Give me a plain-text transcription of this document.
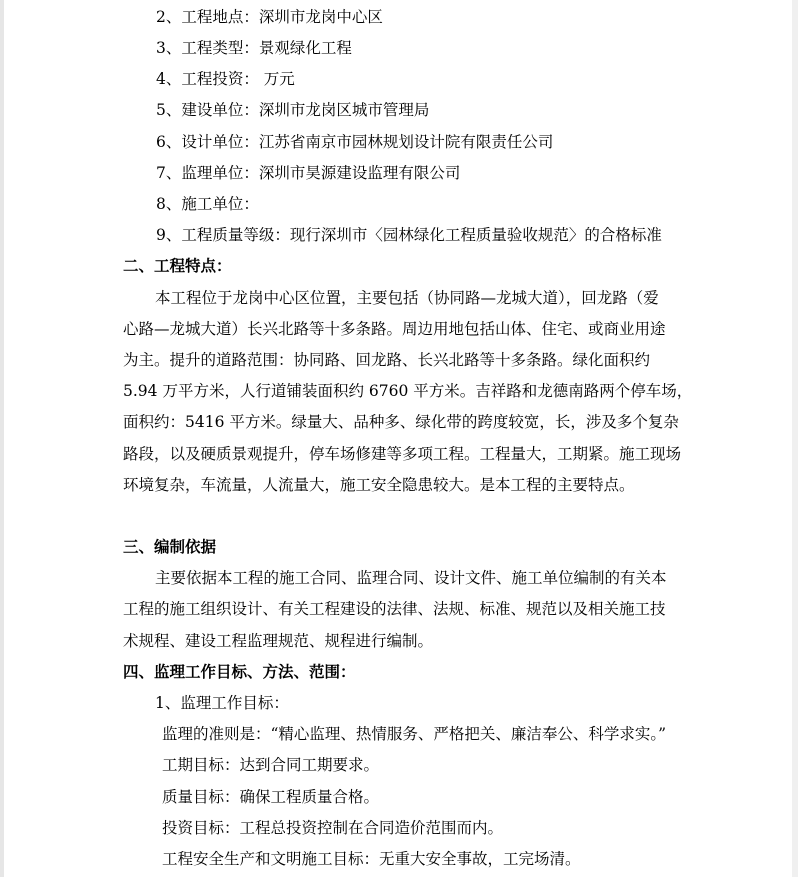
2、工程地点：深圳市龙岗中心区
3、工程类型：景观绿化工程
4、工程投资： 万元
5、建设单位：深圳市龙岗区城市管理局
6、设计单位：江苏省南京市园林规划设计院有限责任公司
7、监理单位：深圳市昊源建设监理有限公司
8、施工单位：
9、工程质量等级：现行深圳市〈园林绿化工程质量验收规范〉的合格标准
二、工程特点：
本工程位于龙岗中心区位置，主要包括（协同路—龙城大道），回龙路（爱
心路—龙城大道）长兴北路等十多条路。周边用地包括山体、住宅、或商业用途
为主。提升的道路范围：协同路、回龙路、长兴北路等十多条路。绿化面积约
5.94 万平方米，人行道铺装面积约 6760 平方米。吉祥路和龙德南路两个停车场，
面积约：5416 平方米。绿量大、品种多、绿化带的跨度较宽，长，涉及多个复杂
路段，以及硬质景观提升，停车场修建等多项工程。工程量大，工期紧。施工现场
环境复杂，车流量，人流量大，施工安全隐患较大。是本工程的主要特点。
三、编制依据
主要依据本工程的施工合同、监理合同、设计文件、施工单位编制的有关本
工程的施工组织设计、有关工程建设的法律、法规、标准、规范以及相关施工技
术规程、建设工程监理规范、规程进行编制。
四、监理工作目标、方法、范围：
1、监理工作目标：
监理的准则是：“精心监理、热情服务、严格把关、廉洁奉公、科学求实。”
工期目标：达到合同工期要求。
质量目标：确保工程质量合格。
投资目标：工程总投资控制在合同造价范围而内。
工程安全生产和文明施工目标：无重大安全事故，工完场清。
